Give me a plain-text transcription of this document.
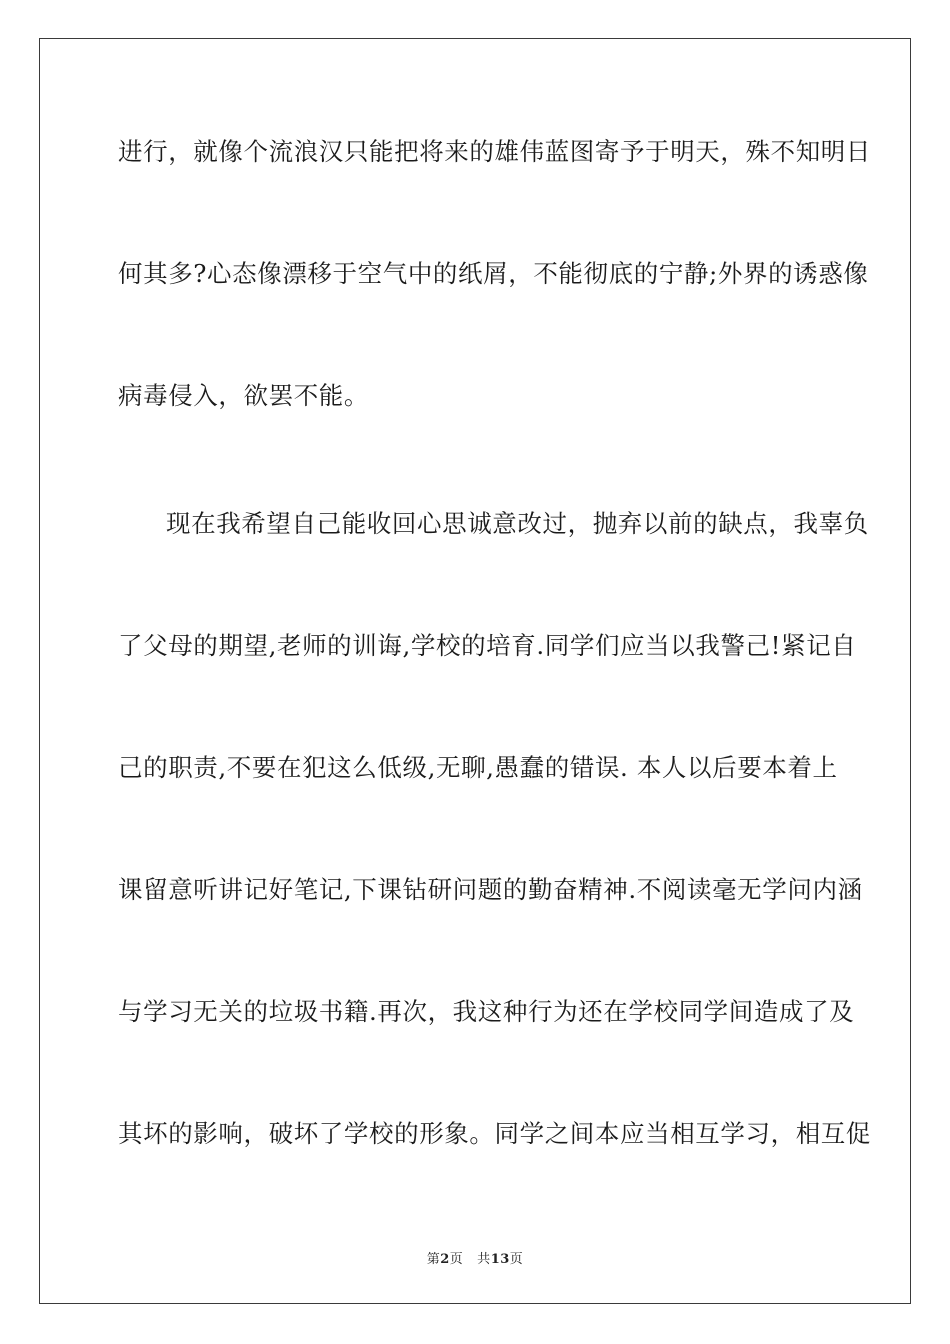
进行，就像个流浪汉只能把将来的雄伟蓝图寄予于明天，殊不知明日
何其多?心态像漂移于空气中的纸屑，不能彻底的宁静;外界的诱惑像
病毒侵入，欲罢不能。
现在我希望自己能收回心思诚意改过，抛弃以前的缺点，我辜负
了父母的期望,老师的训诲,学校的培育.同学们应当以我警己!紧记自
己的职责,不要在犯这么低级,无聊,愚蠢的错误. 本人以后要本着上
课留意听讲记好笔记,下课钻研问题的勤奋精神.不阅读毫无学问内涵
与学习无关的垃圾书籍.再次，我这种行为还在学校同学间造成了及
其坏的影响，破坏了学校的形象。同学之间本应当相互学习，相互促
第2页 共13页
